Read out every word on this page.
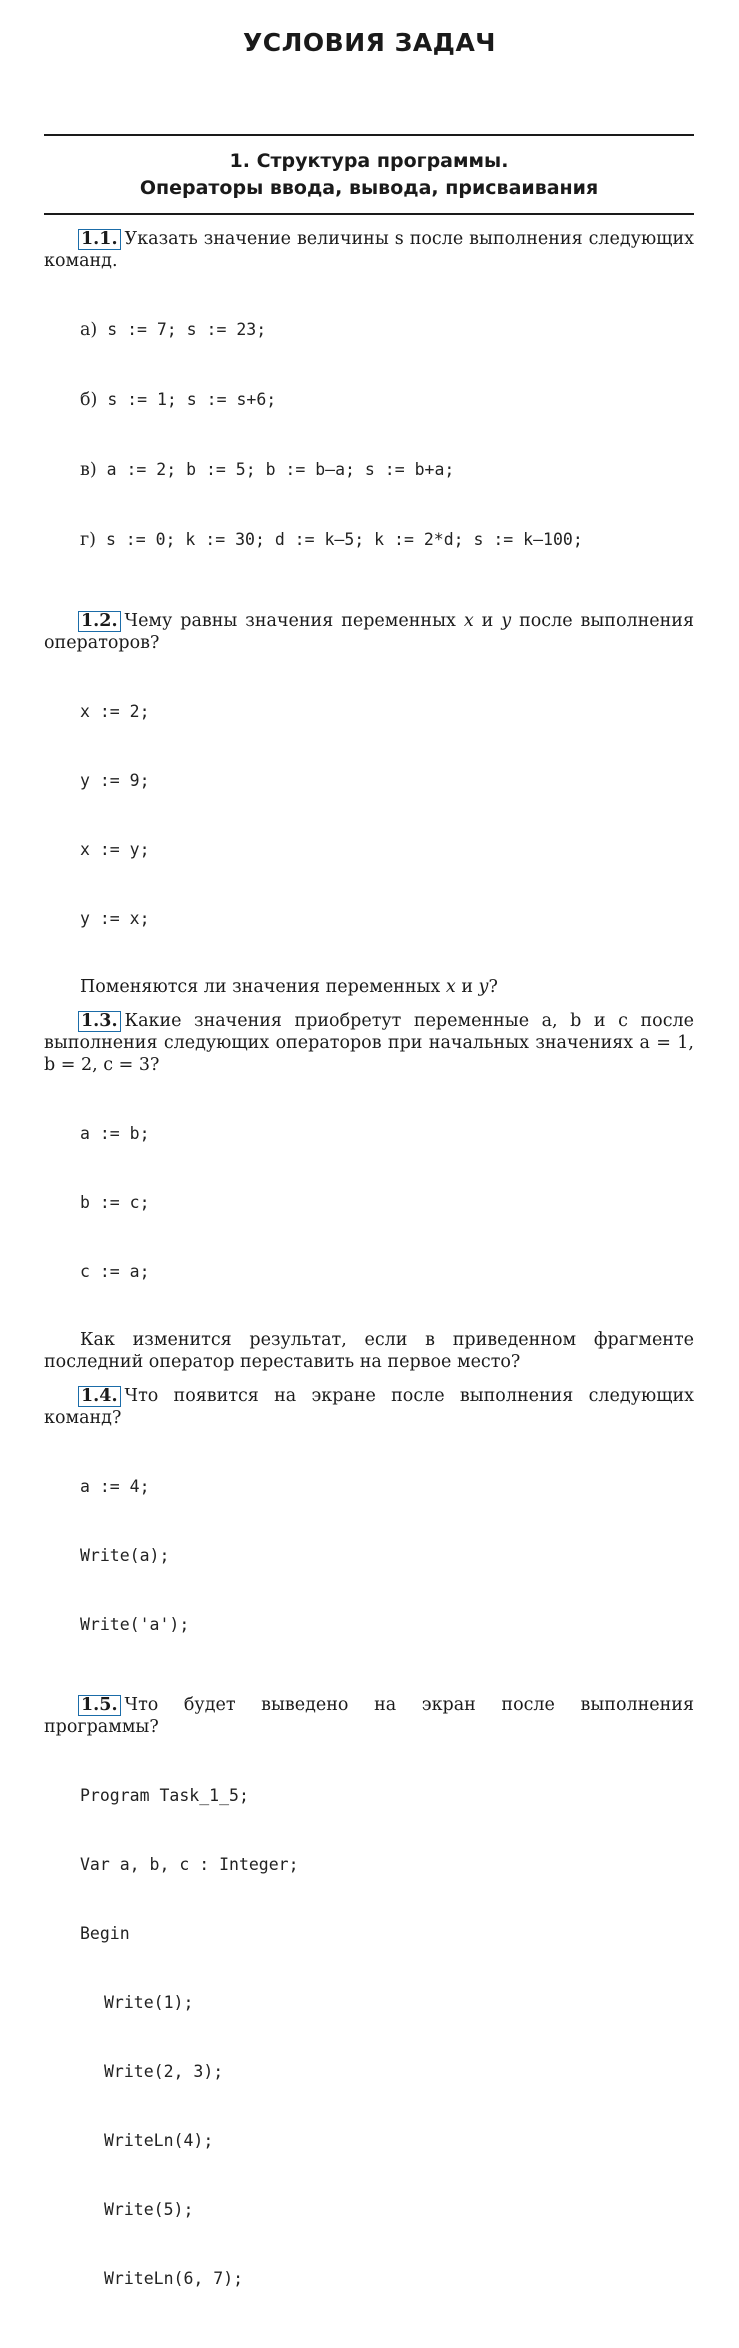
УСЛОВИЯ ЗАДАЧ
1. Структура программы.
Операторы ввода, вывода, присваивания

1.1. Указать значение величины s после выполнения следующих команд.

а) s := 7; s := 23;

б) s := 1; s := s+6;

в) a := 2; b := 5; b := b–a; s := b+a;

г) s := 0; k := 30; d := k–5; k := 2*d; s := k–100;

1.2. Чему равны значения переменных x и y после выполнения операторов?

x := 2;

y := 9;

x := y;

y := x;

Поменяются ли значения переменных x и y?

1.3. Какие значения приобретут переменные a, b и c после выполнения следующих операторов при начальных значениях a = 1, b = 2, c = 3?

a := b;

b := c;

c := a;

Как изменится результат, если в приведенном фрагменте последний оператор переставить на первое место?

1.4. Что появится на экране после выполнения следующих команд?

a := 4;

Write(a);

Write('a');

1.5. Что будет выведено на экран после выполнения программы?

Program Task_1_5;

Var a, b, c : Integer;

Begin

Write(1);

Write(2, 3);

WriteLn(4);

Write(5);

WriteLn(6, 7);
